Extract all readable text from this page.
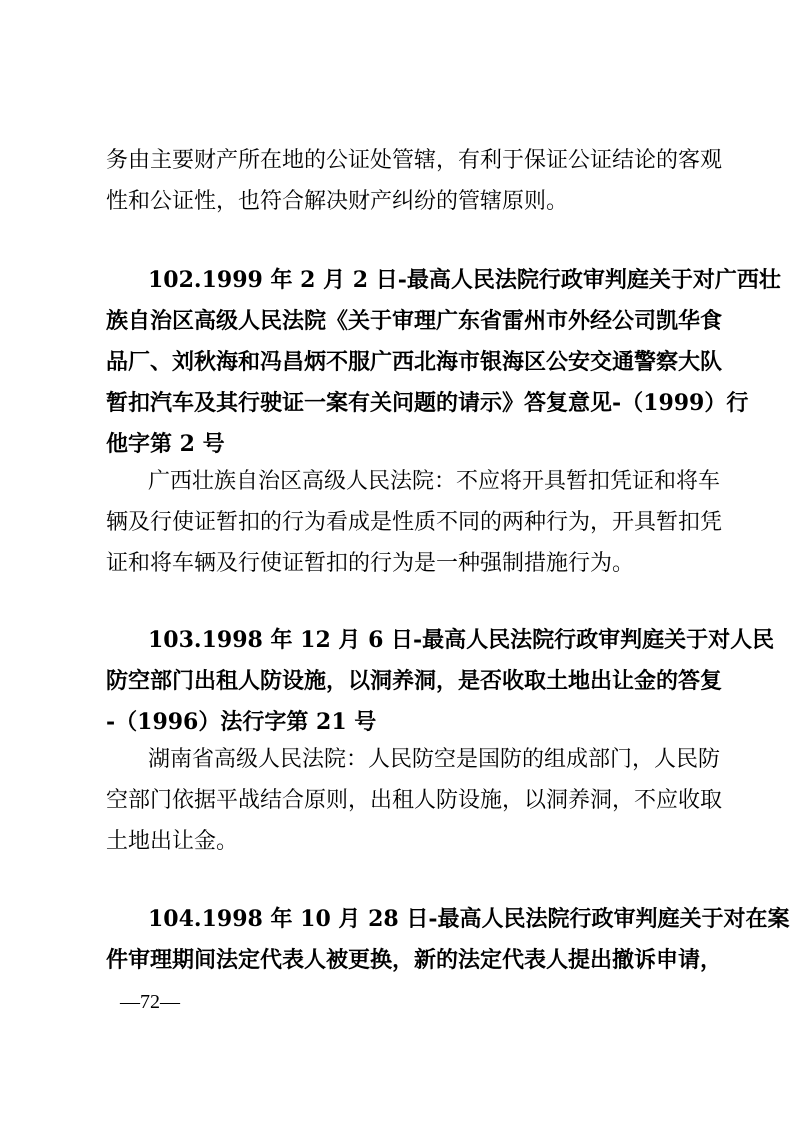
务由主要财产所在地的公证处管辖，有利于保证公证结论的客观
性和公证性，也符合解决财产纠纷的管辖原则。
102.1999 年 2 月 2 日-最高人民法院行政审判庭关于对广西壮
族自治区高级人民法院《关于审理广东省雷州市外经公司凯华食
品厂、刘秋海和冯昌炳不服广西北海市银海区公安交通警察大队
暂扣汽车及其行驶证一案有关问题的请示》答复意见-（1999）行
他字第 2 号
广西壮族自治区高级人民法院：不应将开具暂扣凭证和将车
辆及行使证暂扣的行为看成是性质不同的两种行为，开具暂扣凭
证和将车辆及行使证暂扣的行为是一种强制措施行为。
103.1998 年 12 月 6 日-最高人民法院行政审判庭关于对人民
防空部门出租人防设施，以洞养洞，是否收取土地出让金的答复
-（1996）法行字第 21 号
湖南省高级人民法院：人民防空是国防的组成部门，人民防
空部门依据平战结合原则，出租人防设施，以洞养洞，不应收取
土地出让金。
104.1998 年 10 月 28 日-最高人民法院行政审判庭关于对在案
件审理期间法定代表人被更换，新的法定代表人提出撤诉申请，
—72—
